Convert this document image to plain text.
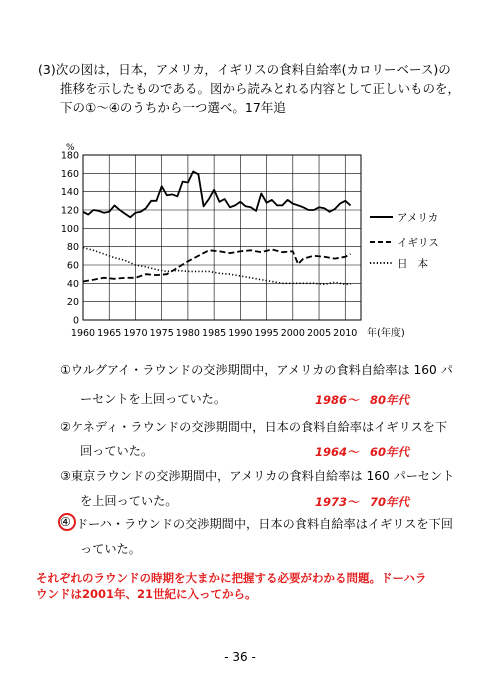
(3)次の図は，日本，アメリカ，イギリスの食料自給率(カロリーベース)の
推移を示したものである。図から読みとれる内容として正しいものを，
下の①～④のうちから一つ選べ。17年追
0
20
40
60
80
100
120
140
160
180
1960 1965 1970 1975 1980 1985 1990 1995 2000 2005 2010
アメリカ
イギリス
日本
%
年(年度)
①ウルグアイ・ラウンドの交渉期間中，アメリカの食料自給率は 160 パ
ーセントを上回っていた。	1986～　80年代
②ケネディ・ラウンドの交渉期間中，日本の食料自給率はイギリスを下
回っていた。	1964～　60年代
③東京ラウンドの交渉期間中，アメリカの食料自給率は 160 パーセント
を上回っていた。	1973～　70年代
④ ドーハ・ラウンドの交渉期間中，日本の食料自給率はイギリスを下回
っていた。
それぞれのラウンドの時期を大まかに把握する必要がわかる問題。ドーハラ
ウンドは2001年、21世紀に入ってから。
- 36 -
